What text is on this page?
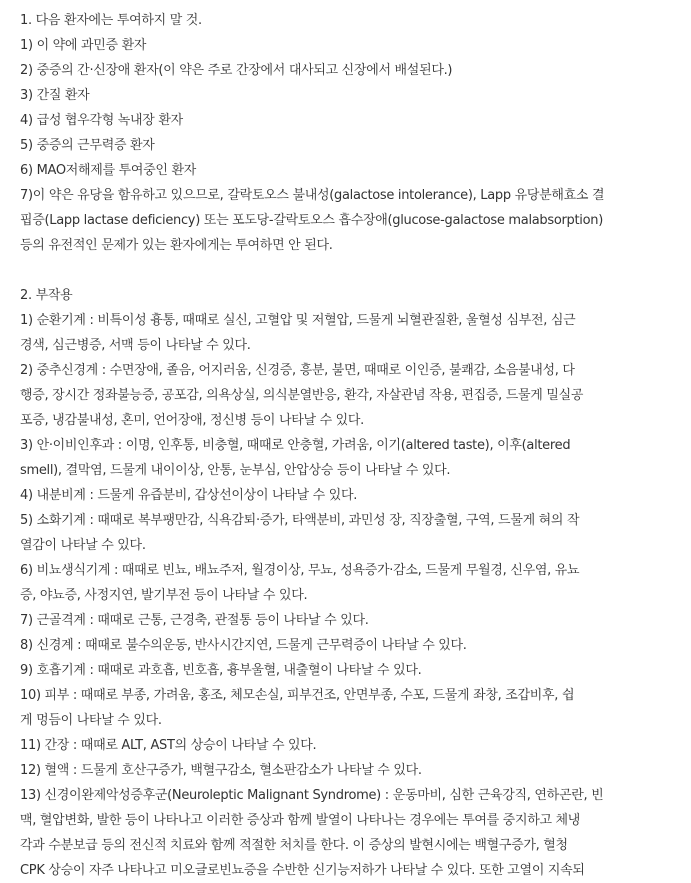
1. 다음 환자에는 투여하지 말 것.

1) 이 약에 과민증 환자

2) 중증의 간·신장애 환자(이 약은 주로 간장에서 대사되고 신장에서 배설된다.)

3) 간질 환자

4) 급성 협우각형 녹내장 환자

5) 중증의 근무력증 환자

6) MAO저해제를 투여중인 환자

7)이 약은 유당을 함유하고 있으므로, 갈락토오스 불내성(galactose intolerance), Lapp 유당분해효소 결

핍증(Lapp lactase deficiency) 또는 포도당-갈락토오스 흡수장애(glucose-galactose malabsorption)

등의 유전적인 문제가 있는 환자에게는 투여하면 안 된다.

2. 부작용

1) 순환기계 : 비특이성 흉통, 때때로 실신, 고혈압 및 저혈압, 드물게 뇌혈관질환, 울혈성 심부전, 심근

경색, 심근병증, 서맥 등이 나타날 수 있다.

2) 중추신경계 : 수면장애, 졸음, 어지러움, 신경증, 흥분, 불면, 때때로 이인증, 불쾌감, 소음불내성, 다

행증, 장시간 정좌불능증, 공포감, 의욕상실, 의식분열반응, 환각, 자살관념 작용, 편집증, 드물게 밀실공

포증, 냉감불내성, 혼미, 언어장애, 정신병 등이 나타날 수 있다.

3) 안·이비인후과 : 이명, 인후통, 비충혈, 때때로 안충혈, 가려움, 이기(altered taste), 이후(altered

smell), 결막염, 드물게 내이이상, 안통, 눈부심, 안압상승 등이 나타날 수 있다.

4) 내분비계 : 드물게 유즙분비, 갑상선이상이 나타날 수 있다.

5) 소화기계 : 때때로 복부팽만감, 식욕감퇴·증가, 타액분비, 과민성 장, 직장출혈, 구역, 드물게 혀의 작

열감이 나타날 수 있다.

6) 비뇨생식기계 : 때때로 빈뇨, 배뇨주저, 월경이상, 무뇨, 성욕증가·감소, 드물게 무월경, 신우염, 유뇨

증, 야뇨증, 사정지연, 발기부전 등이 나타날 수 있다.

7) 근골격계 : 때때로 근통, 근경축, 관절통 등이 나타날 수 있다.

8) 신경계 : 때때로 불수의운동, 반사시간지연, 드물게 근무력증이 나타날 수 있다.

9) 호흡기계 : 때때로 과호흡, 빈호흡, 흉부울혈, 내출혈이 나타날 수 있다.

10) 피부 : 때때로 부종, 가려움, 홍조, 체모손실, 피부건조, 안면부종, 수포, 드물게 좌창, 조갑비후, 쉽

게 멍듬이 나타날 수 있다.

11) 간장 : 때때로 ALT, AST의 상승이 나타날 수 있다.

12) 혈액 : 드물게 호산구증가, 백혈구감소, 혈소판감소가 나타날 수 있다.

13) 신경이완제악성증후군(Neuroleptic Malignant Syndrome) : 운동마비, 심한 근육강직, 연하곤란, 빈

맥, 혈압변화, 발한 등이 나타나고 이러한 증상과 함께 발열이 나타나는 경우에는 투여를 중지하고 체냉

각과 수분보급 등의 전신적 치료와 함께 적절한 처치를 한다. 이 증상의 발현시에는 백혈구증가, 혈청

CPK 상승이 자주 나타나고 미오글로빈뇨증을 수반한 신기능저하가 나타날 수 있다. 또한 고열이 지속되
